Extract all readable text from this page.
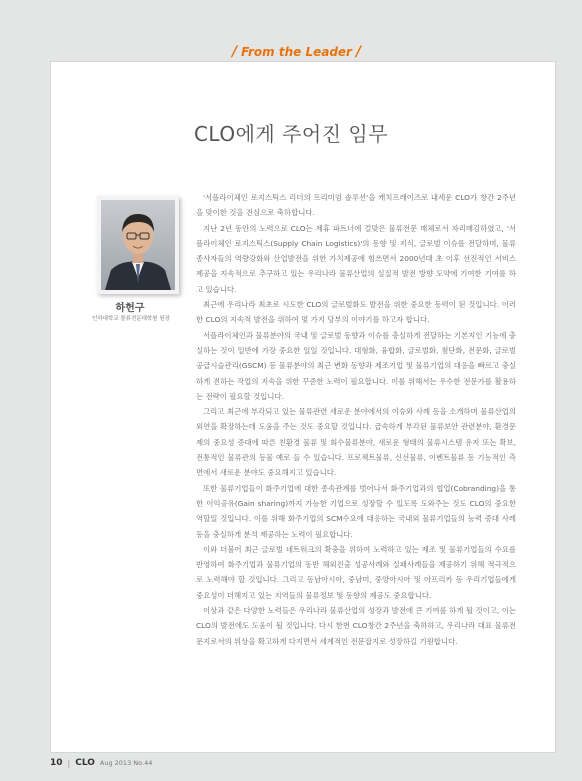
/ From the Leader /
CLO에게 주어진 임무
하헌구
인하대학교 물류전문대학원 원장

'서플라이체인 로지스틱스 리더의 프리미엄 솔루션'을 캐치프레이즈로 내세운 CLO가 창간 2주년을 맞이한 것을 진심으로 축하합니다.

지난 2년 동안의 노력으로 CLO는 제휴 파트너에 걸맞은 물류전문 매체로서 자리매김하였고, '서플라이체인 로지스틱스(Supply Chain Logistics)'의 동향 및 지식, 글로벌 이슈를 전달하며, 물류 종사자들의 역량강화와 산업발전을 위한 가치제공에 힘쓰면서 2000년대 초 이후 선진적인 서비스 제공을 지속적으로 추구하고 있는 우리나라 물류산업의 실질적 발전 방향 도약에 기여한 기여를 하고 있습니다.

최근에 우리나라 최초로 시도한 CLO의 글로벌화도 발전을 위한 중요한 동력이 된 것입니다. 이러한 CLO의 지속적 발전을 위하여 몇 가지 당부의 이야기를 하고자 합니다.

서플라이체인과 물류분야의 국내 및 글로벌 동향과 이슈를 충실하게 전달하는 기본지인 기능에 충실하는 것이 일반에 가장 중요한 일일 것입니다. 대형화, 융합화, 글로벌화, 첨단화, 전문화, 글로벌 공급시슬관리(GSCM) 등 물류분야의 최근 변화 동향과 제조기업 및 물류기업의 대응을 빠르고 충실하게 전하는 작업의 지속을 위한 꾸준한 노력이 필요합니다. 이를 위해서는 우수한 전문가를 활용하는 전략이 필요할 것입니다.

그리고 최근에 부각되고 있는 물류관련 새로운 분야에서의 이슈와 사례 등을 소개하며 물류산업의 외연을 확장하는데 도움을 주는 것도 중요할 것입니다. 급속하게 부각된 물류보안 관련분야, 환경문제의 중요성 증대에 따른 친환경 물류 및 회수물류분야, 새로운 형태의 물류시스템 유지 또는 확보, 전통적인 물류관의 등물 예로 들 수 있습니다. 프로젝트물류, 신선물류, 이벤트물류 등 기능적인 측면에서 새로운 분야도 중요해지고 있습니다.

또한 물류기업들이 화주기업에 대한 종속관계를 벗어나서 화주기업과의 협업(Cobranding)을 통한 이익공유(Gain sharing)까지 가능한 기업으로 성장할 수 있도록 도와주는 것도 CLO의 중요한 역할일 것입니다. 이를 위해 화주기업의 SCM수요에 대응하는 국내외 물류기업들의 능력 증대 사례 등을 충실하게 분석 제공하는 노력이 필요합니다.

이와 더불어 최근 글로벌 네트워크의 확충을 위하여 노력하고 있는 제조 및 물류기업들의 수요를 반영하여 화주기업과 물류기업의 동반 해외진출 성공사례와 실패사례들을 제공하기 위해 적극적으로 노력해야 할 것입니다. 그리고 동남아시아, 중남미, 중앙아시아 및 아프리카 등 우리기업들에게 중요성이 더해지고 있는 지역들의 물류정보 및 동향의 제공도 중요합니다.

이상과 같은 다양한 노력들은 우리나라 물류산업의 성장과 발전에 큰 기여를 하게 될 것이고, 이는 CLO의 발전에도 도움이 될 것입니다. 다시 한번 CLO창간 2주년을 축하하고, 우리나라 대표 물류전문지로서의 위상을 확고하게 다지면서 세계적인 전문잡지로 성장하길 기원합니다.

10 | CLO Aug 2013 No.44
